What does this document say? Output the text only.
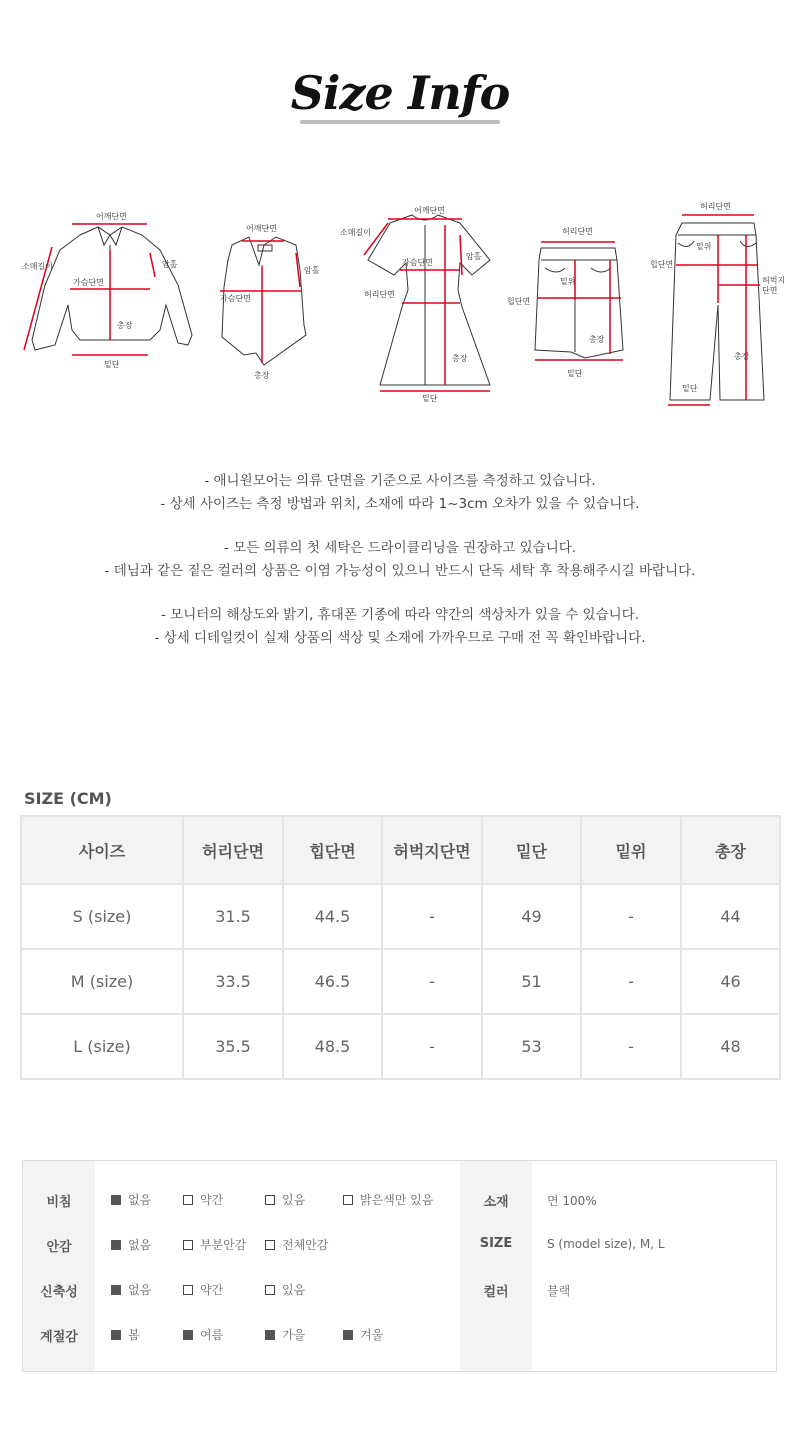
Size Info
어깨단면
소매길이	암홀
가슴단면
총장
밑단
어깨단면
암홀
가슴단면
총장
어깨단면
소매길이
암홀
가슴단면
허리단면
총장
밑단
허리단면
밑위
힙단면
총장
밑단
허리단면
밑위
힙단면
허벅지
단면
총장
밑단

- 애니원모어는 의류 단면을 기준으로 사이즈를 측정하고 있습니다.

- 상세 사이즈는 측정 방법과 위치, 소재에 따라 1~3cm 오차가 있을 수 있습니다.

- 모든 의류의 첫 세탁은 드라이클리닝을 권장하고 있습니다.

- 데님과 같은 짙은 컬러의 상품은 이염 가능성이 있으니 반드시 단독 세탁 후 착용해주시길 바랍니다.

- 모니터의 해상도와 밝기, 휴대폰 기종에 따라 약간의 색상차가 있을 수 있습니다.

- 상세 디테일컷이 실제 상품의 색상 및 소재에 가까우므로 구매 전 꼭 확인바랍니다.

SIZE (CM)
사이즈	허리단면	힙단면	허벅지단면	밑단	밑위	총장
S (size)	31.5	44.5	-	49	-	44
M (size)	33.5	46.5	-	51	-	46
L (size)	35.5	48.5	-	53	-	48
비침	없음	약간	있음	밝은색만 있음	소재	면 100%
안감	없음	부분안감	전체안감	SIZE	S (model size), M, L
신축성	없음	약간	있음	컬러	블랙
계절감	봄	여름	가을	겨울
